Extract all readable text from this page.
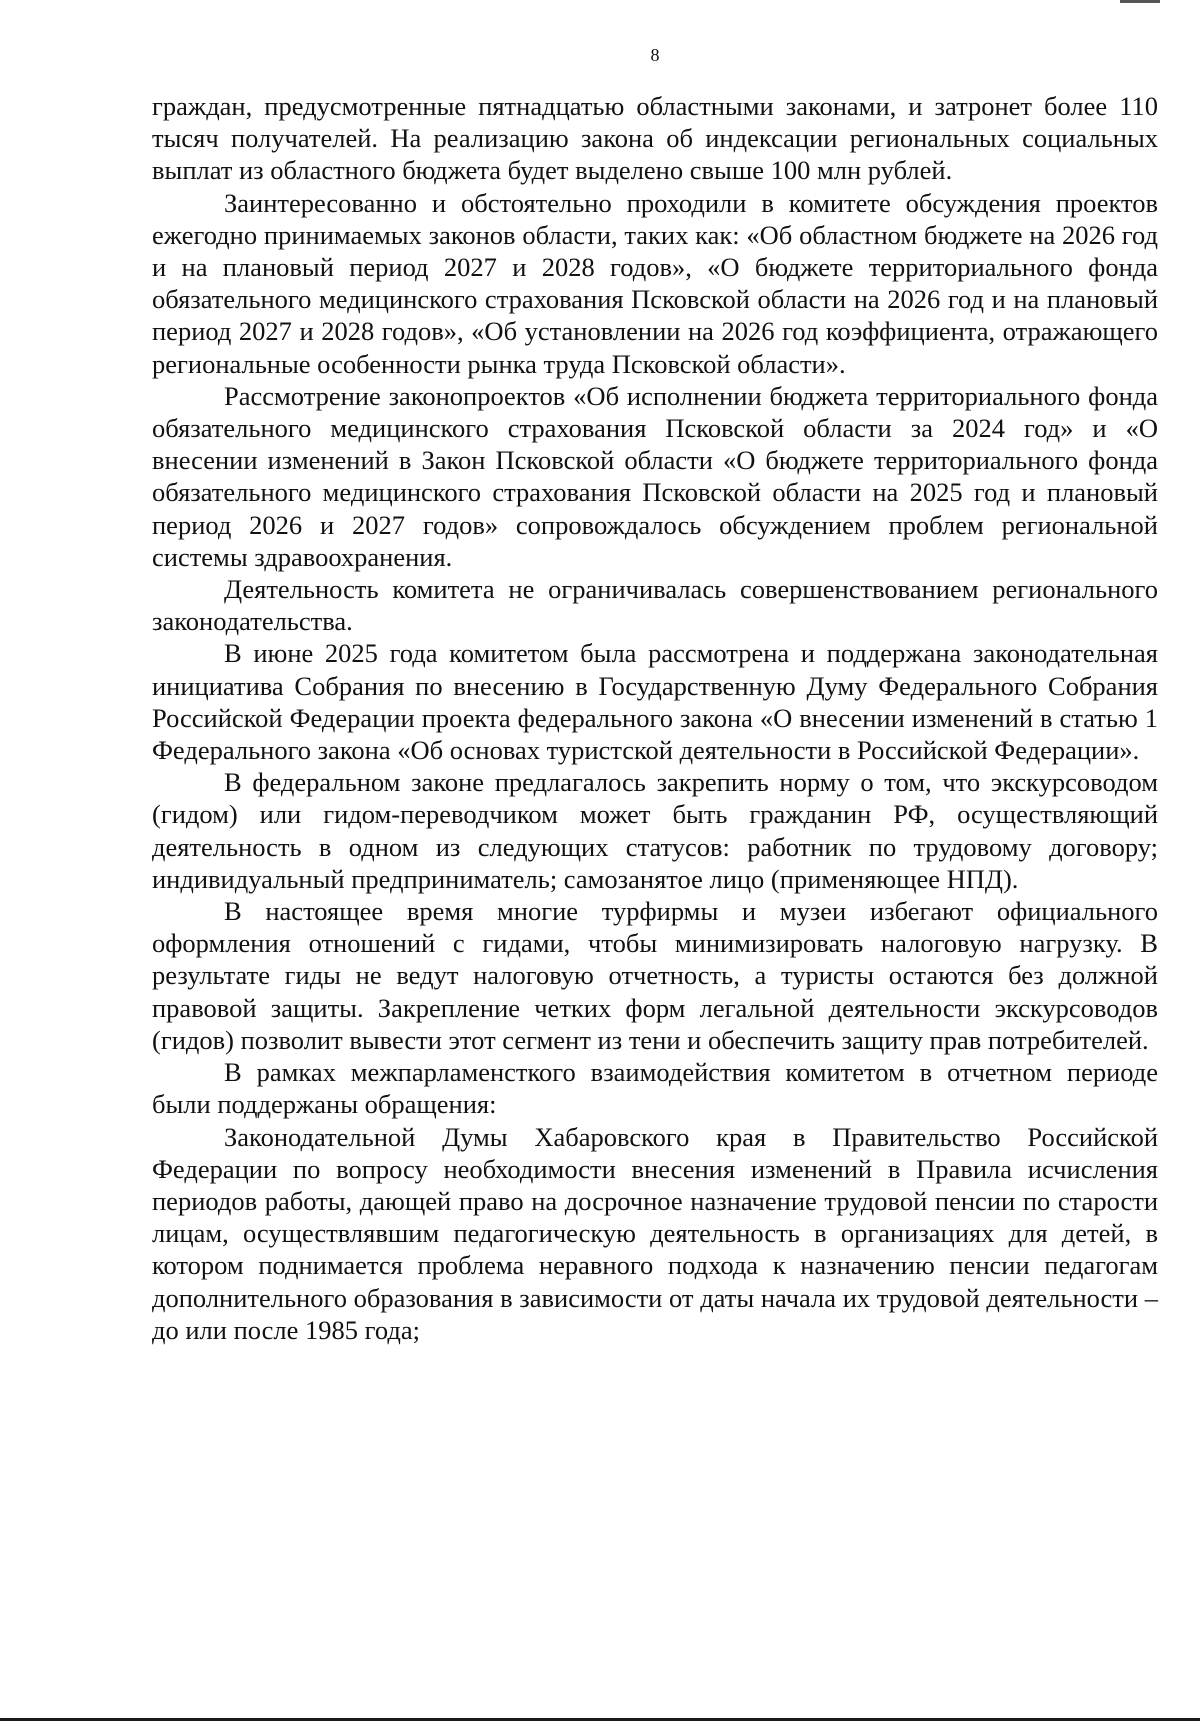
8

граждан, предусмотренные пятнадцатью областными законами, и затронет более 110 тысяч получателей. На реализацию закона об индексации региональных социальных выплат из областного бюджета будет выделено свыше 100 млн рублей.

Заинтересованно и обстоятельно проходили в комитете обсуждения проектов ежегодно принимаемых законов области, таких как: «Об областном бюджете на 2026 год и на плановый период 2027 и 2028 годов», «О бюджете территориального фонда обязательного медицинского страхования Псковской области на 2026 год и на плановый период 2027 и 2028 годов», «Об установлении на 2026 год коэффициента, отражающего региональные особенности рынка труда Псковской области».

Рассмотрение законопроектов «Об исполнении бюджета территориального фонда обязательного медицинского страхования Псковской области за 2024 год» и «О внесении изменений в Закон Псковской области «О бюджете территориального фонда обязательного медицинского страхования Псковской области на 2025 год и плановый период 2026 и 2027 годов» сопровождалось обсуждением проблем региональной системы здравоохранения.

Деятельность комитета не ограничивалась совершенствованием регионального законодательства.

В июне 2025 года комитетом была рассмотрена и поддержана законодательная инициатива Собрания по внесению в Государственную Думу Федерального Собрания Российской Федерации проекта федерального закона «О внесении изменений в статью 1 Федерального закона «Об основах туристской деятельности в Российской Федерации».

В федеральном законе предлагалось закрепить норму о том, что экскурсоводом (гидом) или гидом-переводчиком может быть гражданин РФ, осуществляющий деятельность в одном из следующих статусов: работник по трудовому договору; индивидуальный предприниматель; самозанятое лицо (применяющее НПД).

В настоящее время многие турфирмы и музеи избегают официального оформления отношений с гидами, чтобы минимизировать налоговую нагрузку. В результате гиды не ведут налоговую отчетность, а туристы остаются без должной правовой защиты. Закрепление четких форм легальной деятельности экскурсоводов (гидов) позволит вывести этот сегмент из тени и обеспечить защиту прав потребителей.

В рамках межпарламенсткого взаимодействия комитетом в отчетном периоде были поддержаны обращения:

Законодательной Думы Хабаровского края в Правительство Российской Федерации по вопросу необходимости внесения изменений в Правила исчисления периодов работы, дающей право на досрочное назначение трудовой пенсии по старости лицам, осуществлявшим педагогическую деятельность в организациях для детей, в котором поднимается проблема неравного подхода к назначению пенсии педагогам дополнительного образования в зависимости от даты начала их трудовой деятельности – до или после 1985 года;
